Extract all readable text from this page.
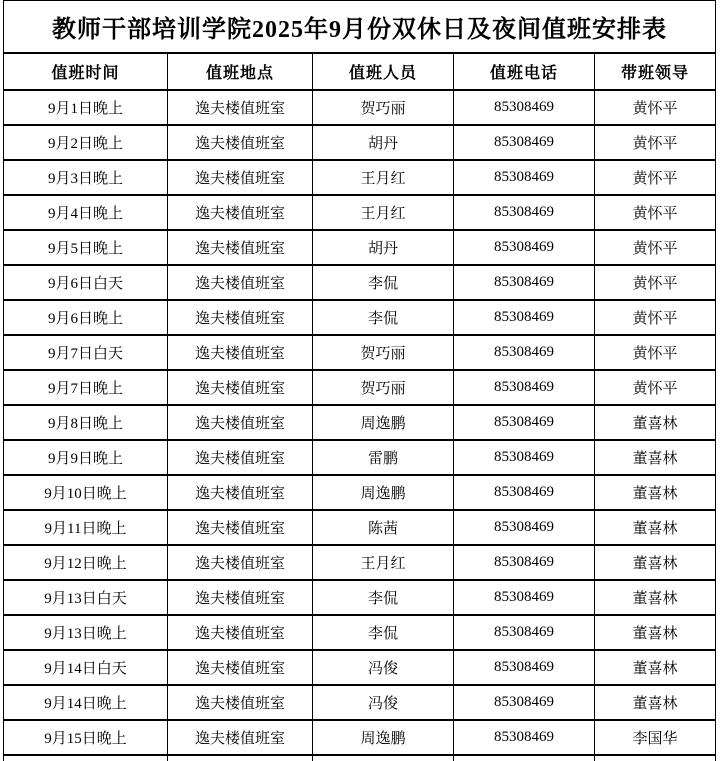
教师干部培训学院2025年9月份双休日及夜间值班安排表				
值班时间	值班地点	值班人员	值班电话	带班领导
9月1日晚上	逸夫楼值班室	贺巧丽	85308469	黄怀平
9月2日晚上	逸夫楼值班室	胡丹	85308469	黄怀平
9月3日晚上	逸夫楼值班室	王月红	85308469	黄怀平
9月4日晚上	逸夫楼值班室	王月红	85308469	黄怀平
9月5日晚上	逸夫楼值班室	胡丹	85308469	黄怀平
9月6日白天	逸夫楼值班室	李侃	85308469	黄怀平
9月6日晚上	逸夫楼值班室	李侃	85308469	黄怀平
9月7日白天	逸夫楼值班室	贺巧丽	85308469	黄怀平
9月7日晚上	逸夫楼值班室	贺巧丽	85308469	黄怀平
9月8日晚上	逸夫楼值班室	周逸鹏	85308469	董喜林
9月9日晚上	逸夫楼值班室	雷鹏	85308469	董喜林
9月10日晚上	逸夫楼值班室	周逸鹏	85308469	董喜林
9月11日晚上	逸夫楼值班室	陈茜	85308469	董喜林
9月12日晚上	逸夫楼值班室	王月红	85308469	董喜林
9月13日白天	逸夫楼值班室	李侃	85308469	董喜林
9月13日晚上	逸夫楼值班室	李侃	85308469	董喜林
9月14日白天	逸夫楼值班室	冯俊	85308469	董喜林
9月14日晚上	逸夫楼值班室	冯俊	85308469	董喜林
9月15日晚上	逸夫楼值班室	周逸鹏	85308469	李国华
